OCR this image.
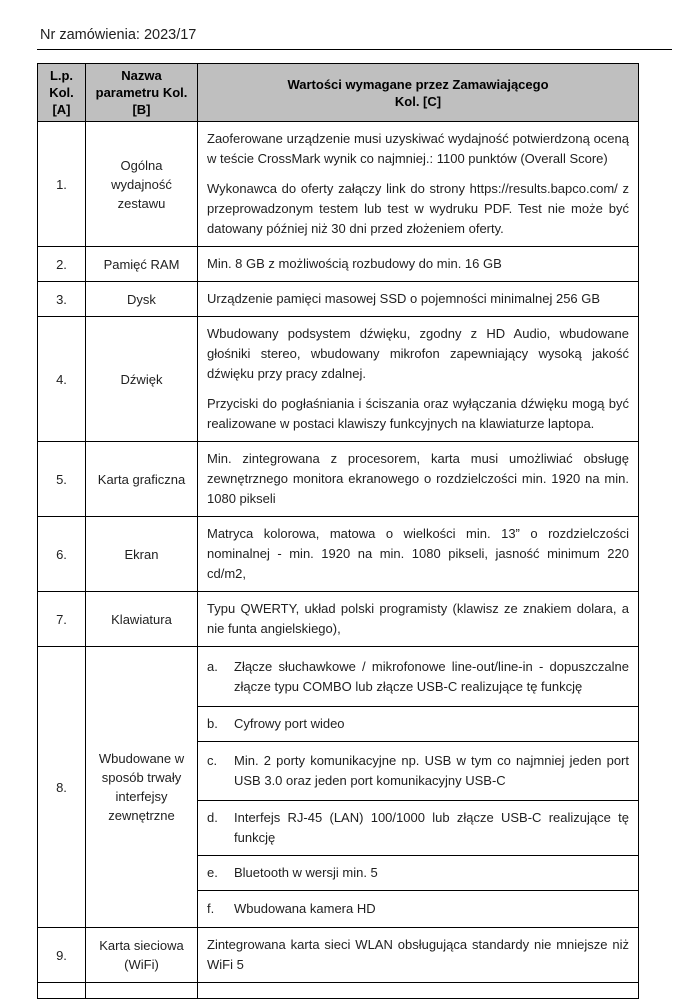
Nr zamówienia: 2023/17
L.p. Kol. [A]	Nazwa parametru Kol. [B]	Wartości wymagane przez Zamawiającego
Kol. [C]

1.	Ogólna wydajność zestawu	Zaoferowane urządzenie musi uzyskiwać wydajność potwierdzoną oceną w teście CrossMark wynik co najmniej.: 1100 punktów (Overall Score)

Wykonawca do oferty załączy link do strony https://results.bapco.com/ z przeprowadzonym testem lub test w wydruku PDF. Test nie może być datowany później niż 30 dni przed złożeniem oferty.

2.	Pamięć RAM	Min. 8 GB z możliwością rozbudowy do min. 16 GB

3.	Dysk	Urządzenie pamięci masowej SSD o pojemności minimalnej 256 GB

4.	Dźwięk	Wbudowany podsystem dźwięku, zgodny z HD Audio, wbudowane głośniki stereo, wbudowany mikrofon zapewniający wysoką jakość dźwięku przy pracy zdalnej.

Przyciski do pogłaśniania i ściszania oraz wyłączania dźwięku mogą być realizowane w postaci klawiszy funkcyjnych na klawiaturze laptopa.

5.	Karta graficzna	Min. zintegrowana z procesorem, karta musi umożliwiać obsługę zewnętrznego monitora ekranowego o rozdzielczości min. 1920 na min. 1080 pikseli

6.	Ekran	Matryca kolorowa, matowa o wielkości min. 13” o rozdzielczości nominalnej - min. 1920 na min. 1080 pikseli, jasność minimum 220 cd/m2,

7.	Klawiatura	Typu QWERTY, układ polski programisty (klawisz ze znakiem dolara, a nie funta angielskiego),

8.	Wbudowane w sposób trwały interfejsy zewnętrzne	a. Złącze słuchawkowe / mikrofonowe line-out/line-in - dopuszczalne złącze typu COMBO lub złącze USB-C realizujące tę funkcję

		b. Cyfrowy port wideo

		c. Min. 2 porty komunikacyjne np. USB w tym co najmniej jeden port USB 3.0 oraz jeden port komunikacyjny USB-C

		d. Interfejs RJ-45 (LAN) 100/1000 lub złącze USB-C realizujące tę funkcję

		e. Bluetooth w wersji min. 5

		f. Wbudowana kamera HD

9.	Karta sieciowa (WiFi)	Zintegrowana karta sieci WLAN obsługująca standardy nie mniejsze niż WiFi 5
